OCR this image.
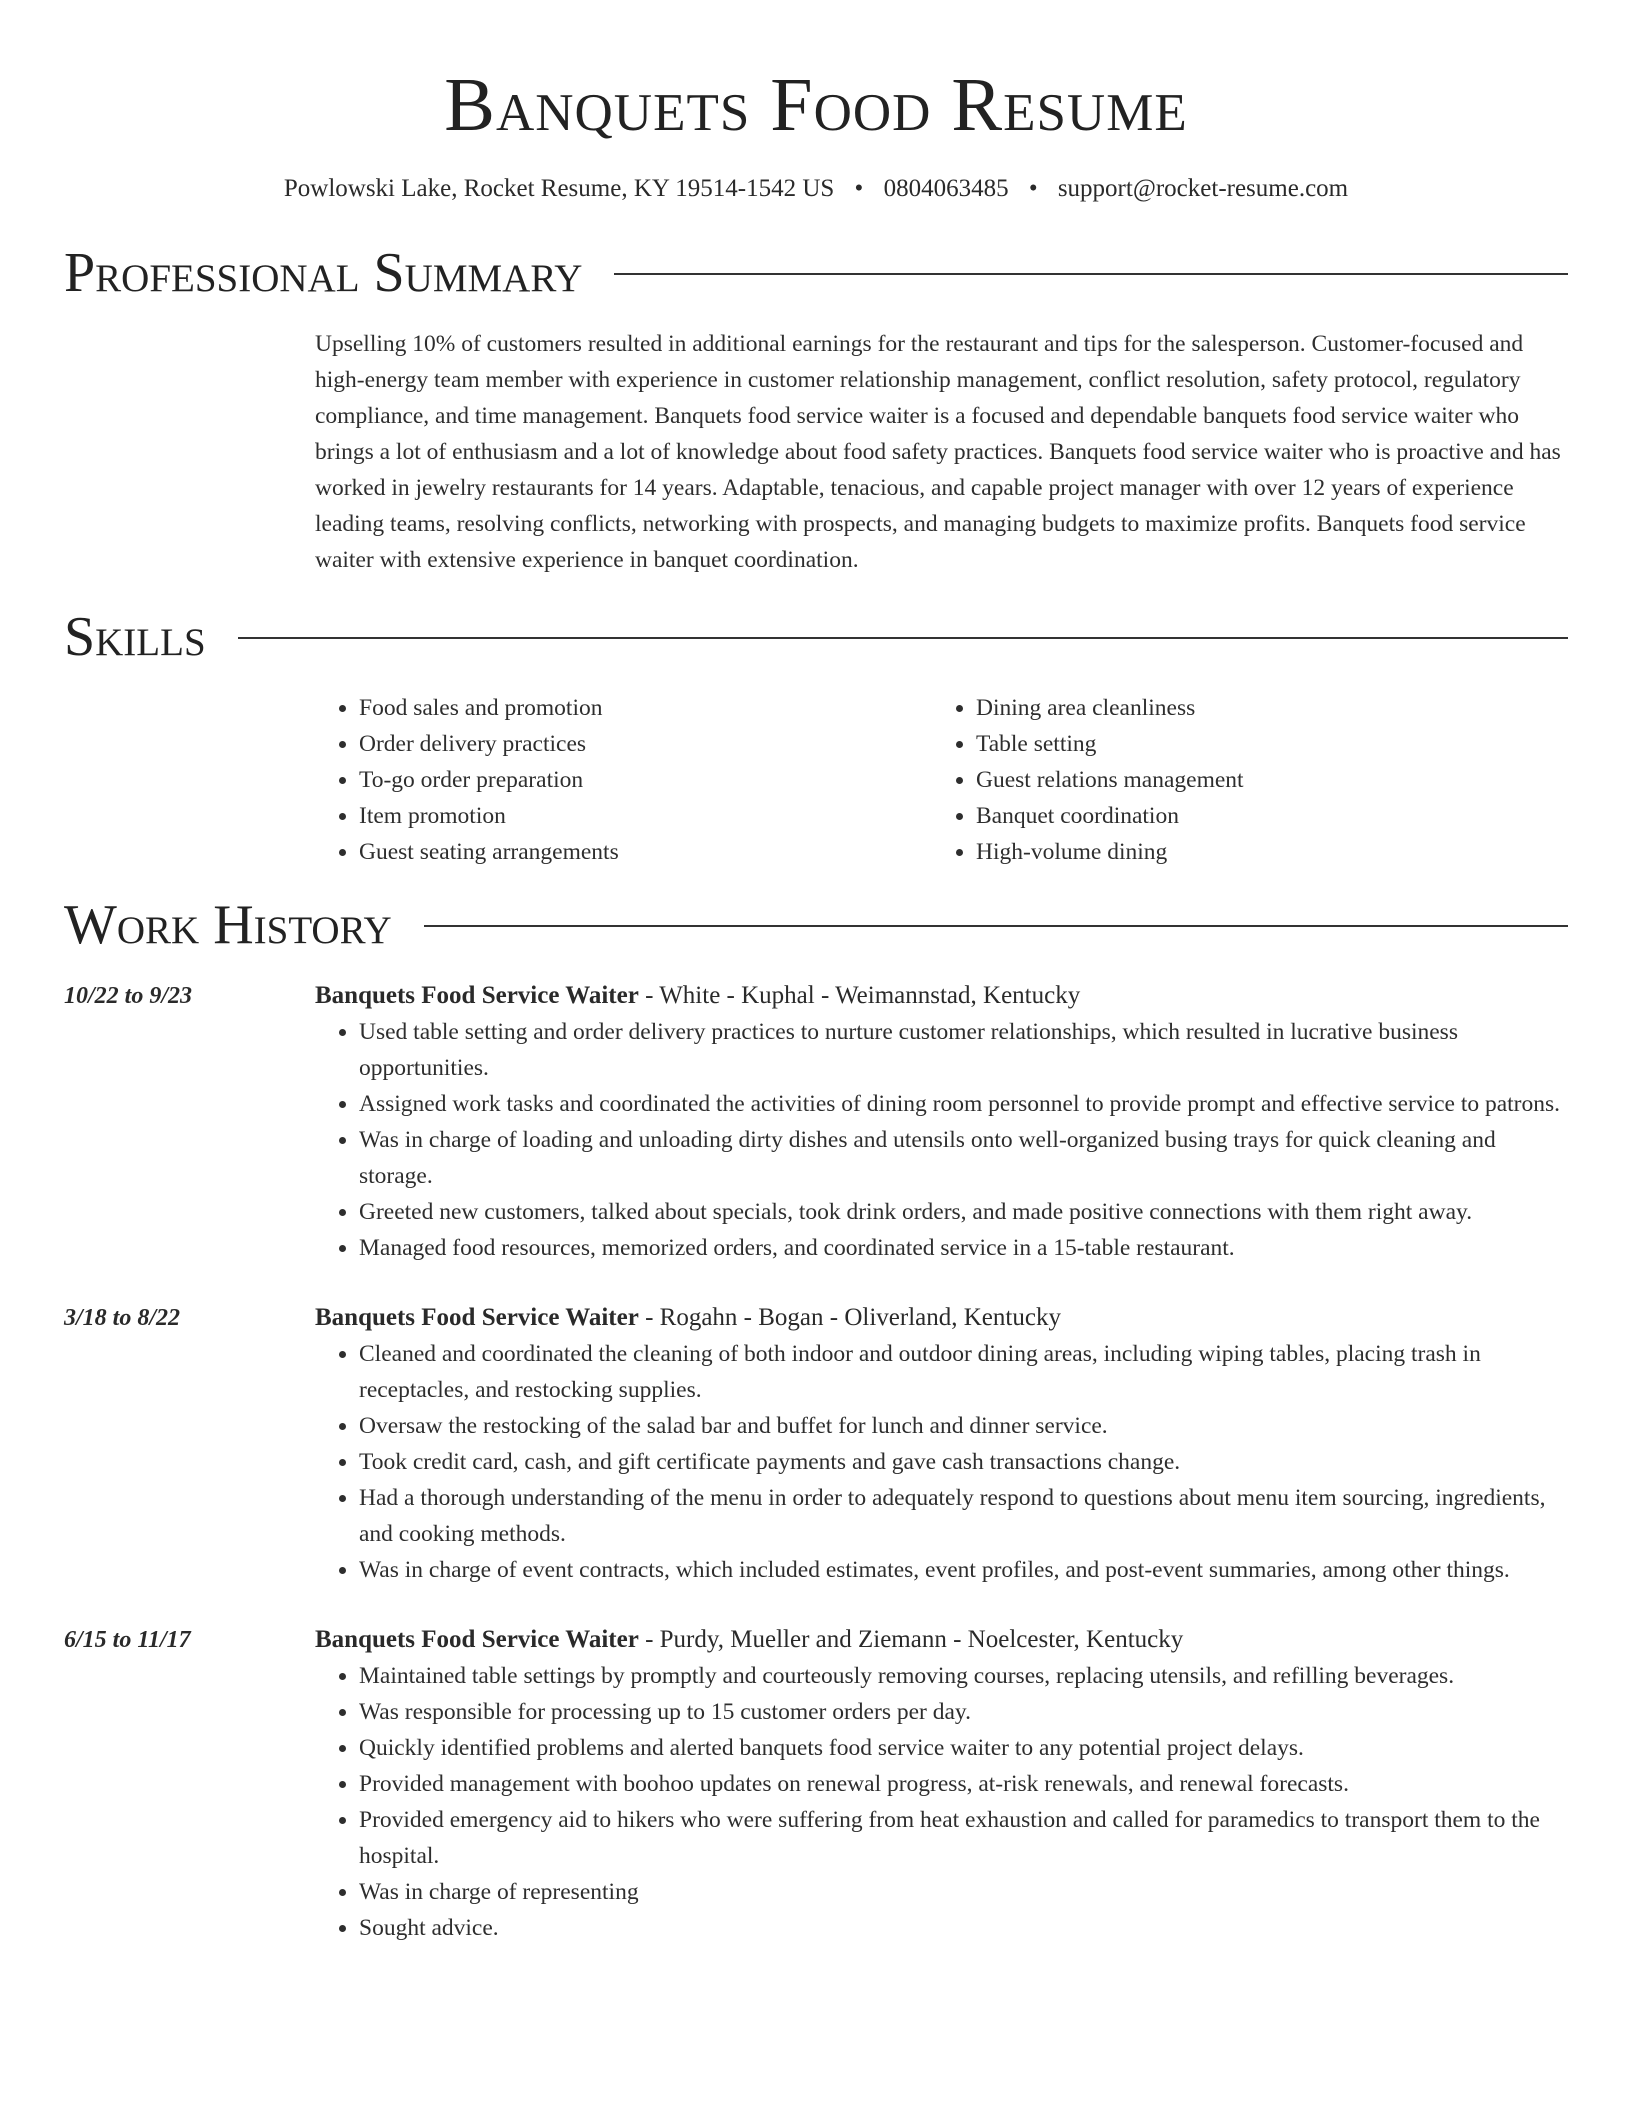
Banquets Food Resume
Powlowski Lake, Rocket Resume, KY 19514-1542 US • 0804063485 • support@rocket-resume.com
Professional Summary
Upselling 10% of customers resulted in additional earnings for the restaurant and tips for the salesperson. Customer-focused and high-energy team member with experience in customer relationship management, conflict resolution, safety protocol, regulatory compliance, and time management. Banquets food service waiter is a focused and dependable banquets food service waiter who brings a lot of enthusiasm and a lot of knowledge about food safety practices. Banquets food service waiter who is proactive and has worked in jewelry restaurants for 14 years. Adaptable, tenacious, and capable project manager with over 12 years of experience leading teams, resolving conflicts, networking with prospects, and managing budgets to maximize profits. Banquets food service waiter with extensive experience in banquet coordination.
Skills
• Food sales and promotion
• Order delivery practices
• To-go order preparation
• Item promotion
• Guest seating arrangements
• Dining area cleanliness
• Table setting
• Guest relations management
• Banquet coordination
• High-volume dining
Work History
10/22 to 9/23	Banquets Food Service Waiter - White - Kuphal - Weimannstad, Kentucky
• Used table setting and order delivery practices to nurture customer relationships, which resulted in lucrative business opportunities.
• Assigned work tasks and coordinated the activities of dining room personnel to provide prompt and effective service to patrons.
• Was in charge of loading and unloading dirty dishes and utensils onto well-organized busing trays for quick cleaning and storage.
• Greeted new customers, talked about specials, took drink orders, and made positive connections with them right away.
• Managed food resources, memorized orders, and coordinated service in a 15-table restaurant.
3/18 to 8/22	Banquets Food Service Waiter - Rogahn - Bogan - Oliverland, Kentucky
• Cleaned and coordinated the cleaning of both indoor and outdoor dining areas, including wiping tables, placing trash in receptacles, and restocking supplies.
• Oversaw the restocking of the salad bar and buffet for lunch and dinner service.
• Took credit card, cash, and gift certificate payments and gave cash transactions change.
• Had a thorough understanding of the menu in order to adequately respond to questions about menu item sourcing, ingredients, and cooking methods.
• Was in charge of event contracts, which included estimates, event profiles, and post-event summaries, among other things.
6/15 to 11/17	Banquets Food Service Waiter - Purdy, Mueller and Ziemann - Noelcester, Kentucky
• Maintained table settings by promptly and courteously removing courses, replacing utensils, and refilling beverages.
• Was responsible for processing up to 15 customer orders per day.
• Quickly identified problems and alerted banquets food service waiter to any potential project delays.
• Provided management with boohoo updates on renewal progress, at-risk renewals, and renewal forecasts.
• Provided emergency aid to hikers who were suffering from heat exhaustion and called for paramedics to transport them to the hospital.
• Was in charge of representing
• Sought advice.
